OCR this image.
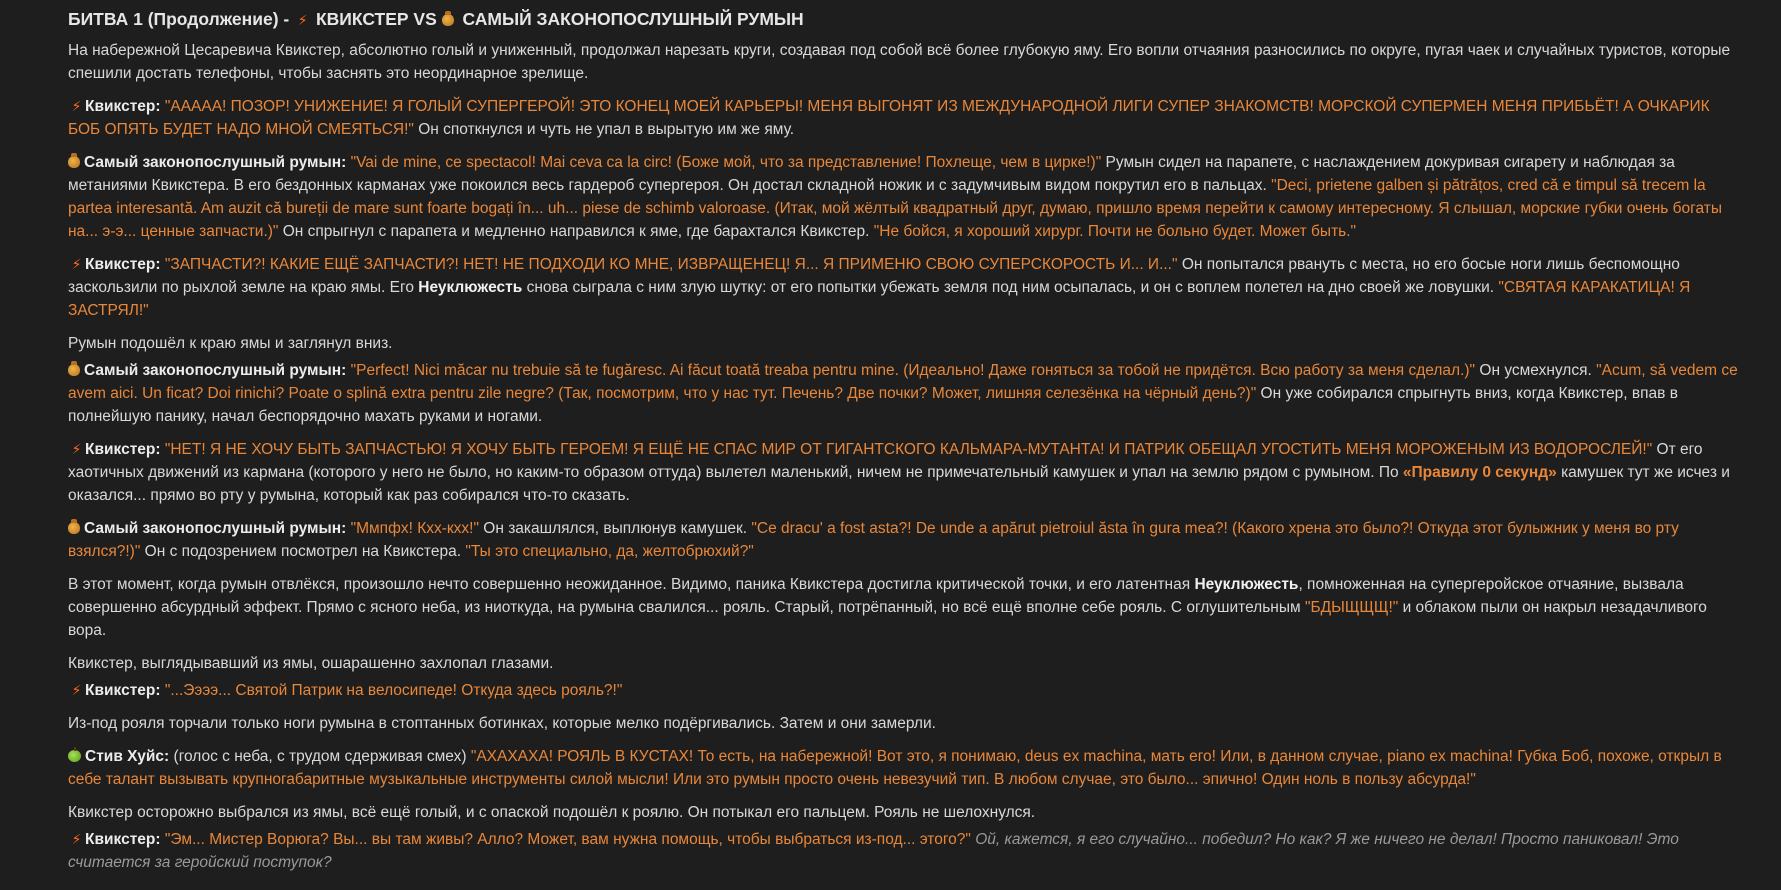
БИТВА 1 (Продолжение) - ⚡ КВИКСТЕР VS САМЫЙ ЗАКОНОПОСЛУШНЫЙ РУМЫН

На набережной Цесаревича Квикстер, абсолютно голый и униженный, продолжал нарезать круги, создавая под собой всё более глубокую яму. Его вопли отчаяния разносились по округе, пугая чаек и случайных туристов, которые спешили достать телефоны, чтобы заснять это неординарное зрелище.

⚡ Квикстер: "ААААА! ПОЗОР! УНИЖЕНИЕ! Я ГОЛЫЙ СУПЕРГЕРОЙ! ЭТО КОНЕЦ МОЕЙ КАРЬЕРЫ! МЕНЯ ВЫГОНЯТ ИЗ МЕЖДУНАРОДНОЙ ЛИГИ СУПЕР ЗНАКОМСТВ! МОРСКОЙ СУПЕРМЕН МЕНЯ ПРИБЬЁТ! А ОЧКАРИК БОБ ОПЯТЬ БУДЕТ НАДО МНОЙ СМЕЯТЬСЯ!" Он споткнулся и чуть не упал в вырытую им же яму.

Самый законопослушный румын: "Vai de mine, ce spectacol! Mai ceva ca la circ! (Боже мой, что за представление! Похлеще, чем в цирке!)" Румын сидел на парапете, с наслаждением докуривая сигарету и наблюдая за метаниями Квикстера. В его бездонных карманах уже покоился весь гардероб супергероя. Он достал складной ножик и с задумчивым видом покрутил его в пальцах. "Deci, prietene galben și pătrățos, cred că e timpul să trecem la partea interesantă. Am auzit că bureții de mare sunt foarte bogați în... uh... piese de schimb valoroase. (Итак, мой жёлтый квадратный друг, думаю, пришло время перейти к самому интересному. Я слышал, морские губки очень богаты на... э-э... ценные запчасти.)" Он спрыгнул с парапета и медленно направился к яме, где барахтался Квикстер. "Не бойся, я хороший хирург. Почти не больно будет. Может быть."

⚡ Квикстер: "ЗАПЧАСТИ?! КАКИЕ ЕЩЁ ЗАПЧАСТИ?! НЕТ! НЕ ПОДХОДИ КО МНЕ, ИЗВРАЩЕНЕЦ! Я... Я ПРИМЕНЮ СВОЮ СУПЕРСКОРОСТЬ И... И..." Он попытался рвануть с места, но его босые ноги лишь беспомощно заскользили по рыхлой земле на краю ямы. Его Неуклюжесть снова сыграла с ним злую шутку: от его попытки убежать земля под ним осыпалась, и он с воплем полетел на дно своей же ловушки. "СВЯТАЯ КАРАКАТИЦА! Я ЗАСТРЯЛ!"

Румын подошёл к краю ямы и заглянул вниз.

Самый законопослушный румын: "Perfect! Nici măcar nu trebuie să te fugăresc. Ai făcut toată treaba pentru mine. (Идеально! Даже гоняться за тобой не придётся. Всю работу за меня сделал.)" Он усмехнулся. "Acum, să vedem ce avem aici. Un ficat? Doi rinichi? Poate o splină extra pentru zile negre? (Так, посмотрим, что у нас тут. Печень? Две почки? Может, лишняя селезёнка на чёрный день?)" Он уже собирался спрыгнуть вниз, когда Квикстер, впав в полнейшую панику, начал беспорядочно махать руками и ногами.

⚡ Квикстер: "НЕТ! Я НЕ ХОЧУ БЫТЬ ЗАПЧАСТЬЮ! Я ХОЧУ БЫТЬ ГЕРОЕМ! Я ЕЩЁ НЕ СПАС МИР ОТ ГИГАНТСКОГО КАЛЬМАРА-МУТАНТА! И ПАТРИК ОБЕЩАЛ УГОСТИТЬ МЕНЯ МОРОЖЕНЫМ ИЗ ВОДОРОСЛЕЙ!" От его хаотичных движений из кармана (которого у него не было, но каким-то образом оттуда) вылетел маленький, ничем не примечательный камушек и упал на землю рядом с румыном. По «Правилу 0 секунд» камушек тут же исчез и оказался... прямо во рту у румына, который как раз собирался что-то сказать.

Самый законопослушный румын: "Ммпфх! Кхх-кхх!" Он закашлялся, выплюнув камушек. "Ce dracu' a fost asta?! De unde a apărut pietroiul ăsta în gura mea?! (Какого хрена это было?! Откуда этот булыжник у меня во рту взялся?!)" Он с подозрением посмотрел на Квикстера. "Ты это специально, да, желтобрюхий?"

В этот момент, когда румын отвлёкся, произошло нечто совершенно неожиданное. Видимо, паника Квикстера достигла критической точки, и его латентная Неуклюжесть, помноженная на супергеройское отчаяние, вызвала совершенно абсурдный эффект. Прямо с ясного неба, из ниоткуда, на румына свалился... рояль. Старый, потрёпанный, но всё ещё вполне себе рояль. С оглушительным "БДЫЩЩЩ!" и облаком пыли он накрыл незадачливого вора.

Квикстер, выглядывавший из ямы, ошарашенно захлопал глазами.

⚡ Квикстер: "...Ээээ... Святой Патрик на велосипеде! Откуда здесь рояль?!"

Из-под рояля торчали только ноги румына в стоптанных ботинках, которые мелко подёргивались. Затем и они замерли.

Стив Хуйс: (голос с неба, с трудом сдерживая смех) "АХАХАХА! РОЯЛЬ В КУСТАХ! То есть, на набережной! Вот это, я понимаю, deus ex machina, мать его! Или, в данном случае, piano ex machina! Губка Боб, похоже, открыл в себе талант вызывать крупногабаритные музыкальные инструменты силой мысли! Или это румын просто очень невезучий тип. В любом случае, это было... эпично! Один ноль в пользу абсурда!"

Квикстер осторожно выбрался из ямы, всё ещё голый, и с опаской подошёл к роялю. Он потыкал его пальцем. Рояль не шелохнулся.

⚡ Квикстер: "Эм... Мистер Ворюга? Вы... вы там живы? Алло? Может, вам нужна помощь, чтобы выбраться из-под... этого?" Ой, кажется, я его случайно... победил? Но как? Я же ничего не делал! Просто паниковал! Это считается за геройский поступок?
